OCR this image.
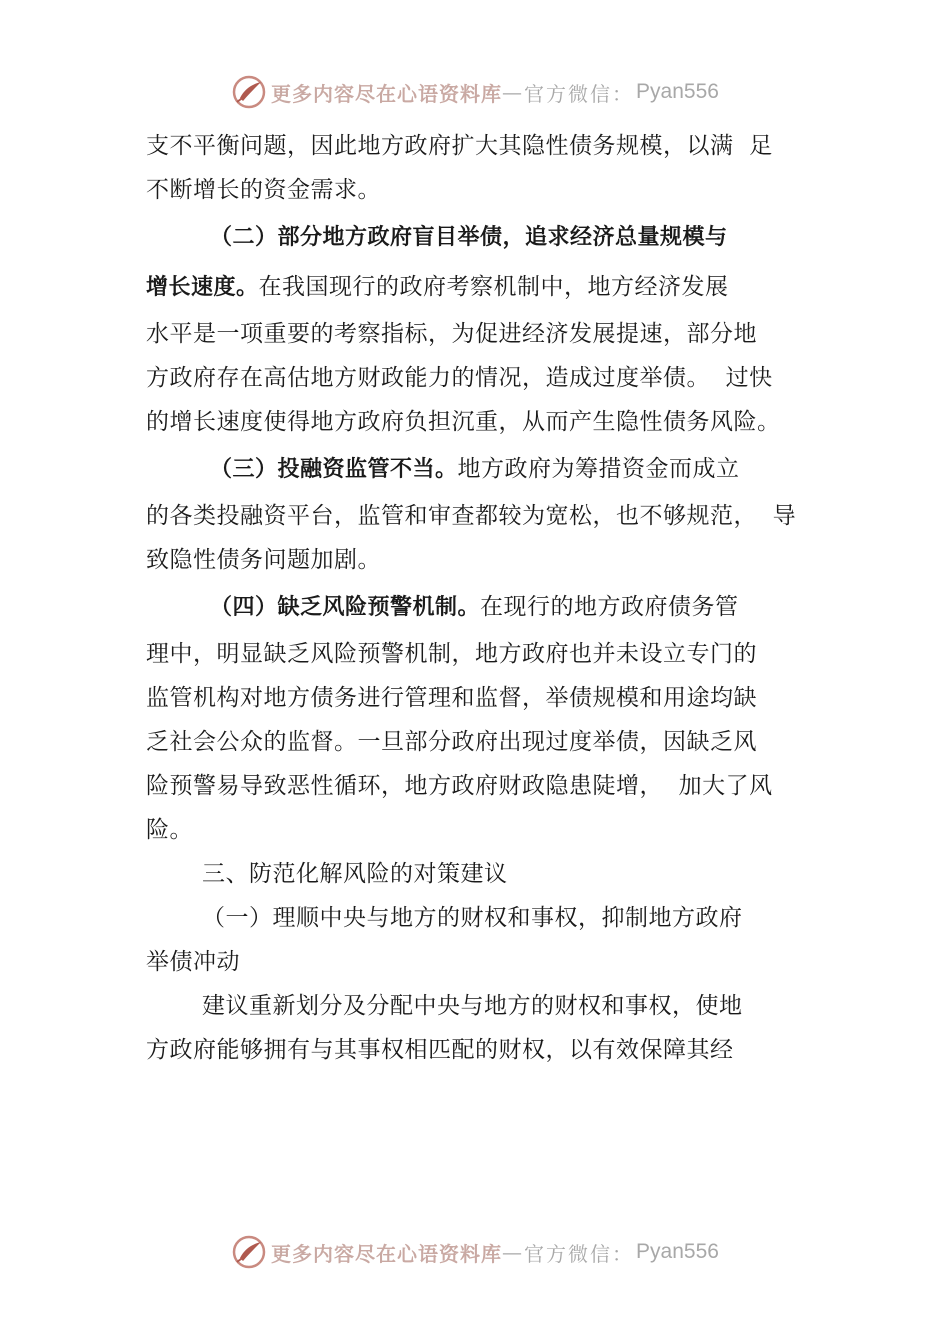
更多内容尽在心语资料库 — 官方微信： Pyan556
支不平衡问题，因此地方政府扩大其隐性债务规模，以满  足
不断增长的资金需求。
（二）部分地方政府盲目举债，追求经济总量规模与
增长速度。在我国现行的政府考察机制中，地方经济发展
水平是一项重要的考察指标，为促进经济发展提速，部分地
方政府存在高估地方财政能力的情况，造成过度举债。  过快
的增长速度使得地方政府负担沉重，从而产生隐性债务风险。
（三）投融资监管不当。地方政府为筹措资金而成立
的各类投融资平台，监管和审查都较为宽松，也不够规范，  导
致隐性债务问题加剧。
（四）缺乏风险预警机制。在现行的地方政府债务管
理中，明显缺乏风险预警机制，地方政府也并未设立专门的
监管机构对地方债务进行管理和监督，举债规模和用途均缺
乏社会公众的监督。一旦部分政府出现过度举债，因缺乏风
险预警易导致恶性循环，地方政府财政隐患陡增，  加大了风
险。
三、防范化解风险的对策建议
（一）理顺中央与地方的财权和事权，抑制地方政府
举债冲动
建议重新划分及分配中央与地方的财权和事权，使地
方政府能够拥有与其事权相匹配的财权，以有效保障其经
更多内容尽在心语资料库 — 官方微信： Pyan556
